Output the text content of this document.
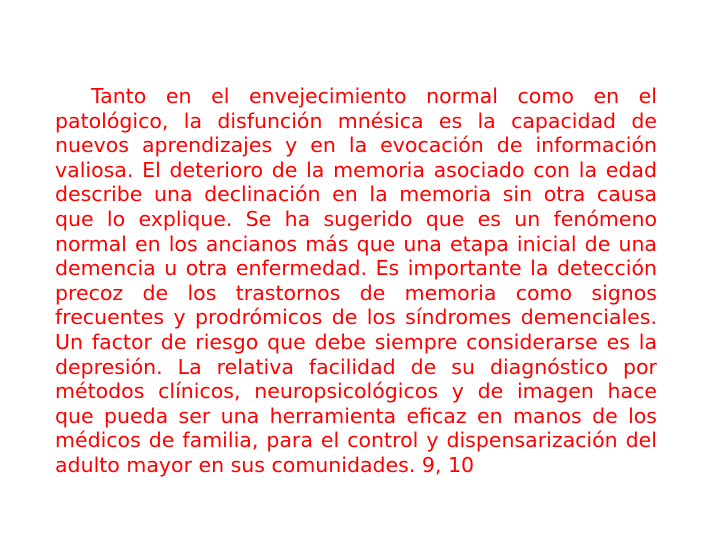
Tanto en el envejecimiento normal como en el patológico, la disfunción mnésica es la capacidad de nuevos aprendizajes y en la evocación de información valiosa. El deterioro de la memoria asociado con la edad describe una declinación en la memoria sin otra causa que lo explique. Se ha sugerido que es un fenómeno normal en los ancianos más que una etapa inicial de una demencia u otra enfermedad. Es importante la detección precoz de los trastornos de memoria como signos frecuentes y prodrómicos de los síndromes demenciales. Un factor de riesgo que debe siempre considerarse es la depresión. La relativa facilidad de su diagnóstico por métodos clínicos, neuropsicológicos y de imagen hace que pueda ser una herramienta eficaz en manos de los médicos de familia, para el control y dispensarización del adulto mayor en sus comunidades. 9, 10
